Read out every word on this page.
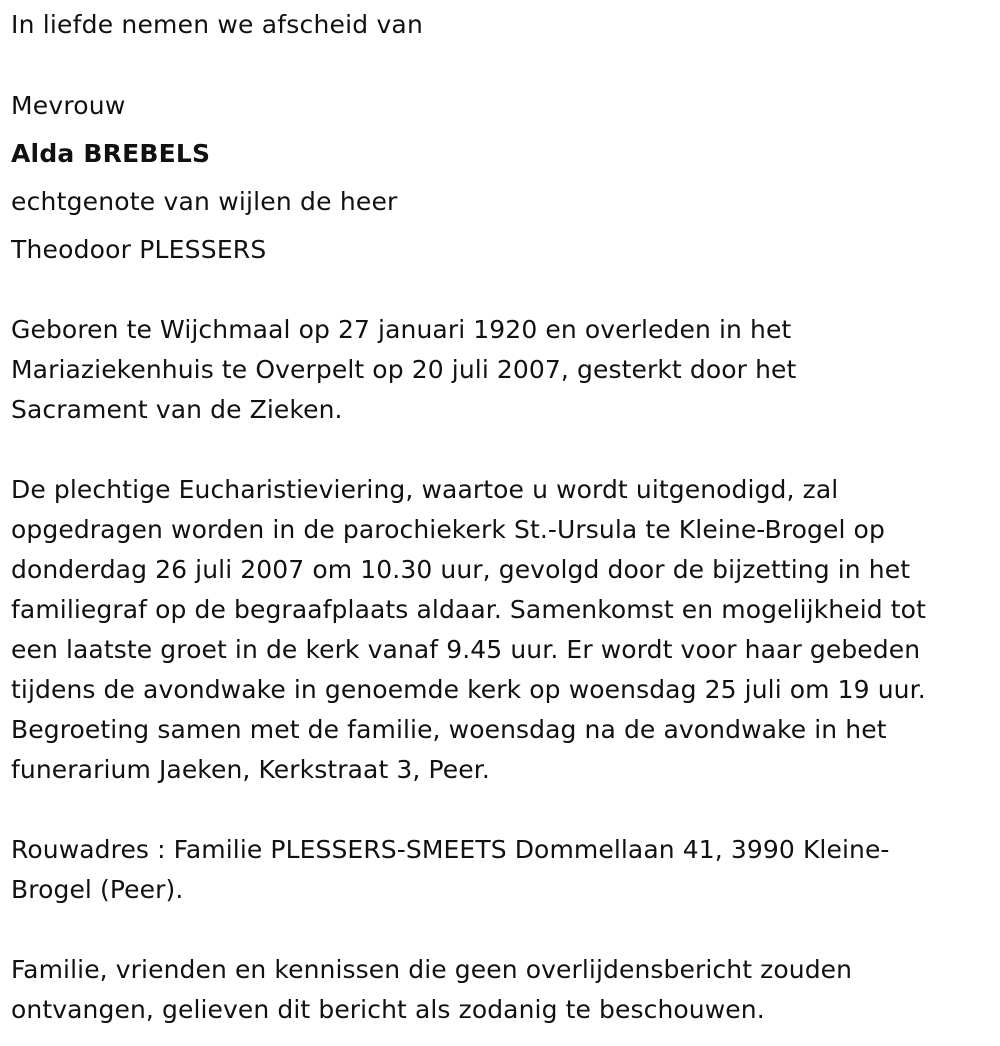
In liefde nemen we afscheid van
Mevrouw
Alda BREBELS
echtgenote van wijlen de heer
Theodoor PLESSERS
Geboren te Wijchmaal op 27 januari 1920 en overleden in het
Mariaziekenhuis te Overpelt op 20 juli 2007, gesterkt door het
Sacrament van de Zieken.
De plechtige Eucharistieviering, waartoe u wordt uitgenodigd, zal
opgedragen worden in de parochiekerk St.-Ursula te Kleine-Brogel op
donderdag 26 juli 2007 om 10.30 uur, gevolgd door de bijzetting in het
familiegraf op de begraafplaats aldaar. Samenkomst en mogelijkheid tot
een laatste groet in de kerk vanaf 9.45 uur. Er wordt voor haar gebeden
tijdens de avondwake in genoemde kerk op woensdag 25 juli om 19 uur.
Begroeting samen met de familie, woensdag na de avondwake in het
funerarium Jaeken, Kerkstraat 3, Peer.
Rouwadres : Familie PLESSERS-SMEETS Dommellaan 41, 3990 Kleine-
Brogel (Peer).
Familie, vrienden en kennissen die geen overlijdensbericht zouden
ontvangen, gelieven dit bericht als zodanig te beschouwen.
